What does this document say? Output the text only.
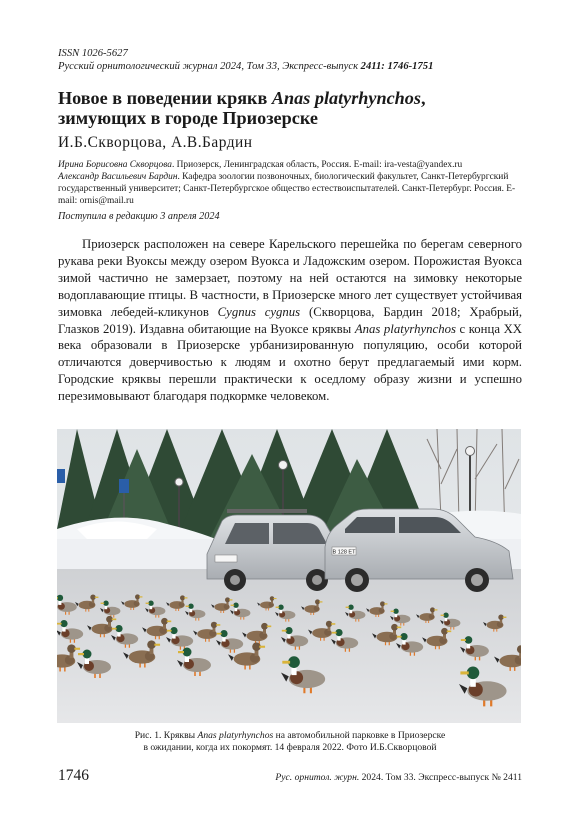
ISSN 1026-5627
Русский орнитологический журнал 2024, Том 33, Экспресс-выпуск 2411: 1746-1751
Новое в поведении крякв Anas platyrhynchos,
зимующих в городе Приозерске
И.Б.Скворцова, А.В.Бардин
Ирина Борисовна Скворцова. Приозерск, Ленинградская область, Россия. E-mail: ira-vesta@yandex.ru
Александр Васильевич Бардин. Кафедра зоологии позвоночных, биологический факультет, Санкт-Петербургский государственный университет; Санкт-Петербургское общество естествоиспытателей. Санкт-Петербург. Россия. E-mail: ornis@mail.ru
Поступила в редакцию 3 апреля 2024

Приозерск расположен на севере Карельского перешейка по берегам северного рукава реки Вуоксы между озером Вуокса и Ладожским озером. Порожистая Вуокса зимой частично не замерзает, поэтому на ней остаются на зимовку некоторые водоплавающие птицы. В частности, в Приозерске много лет существует устойчивая зимовка лебедей-кликунов Cygnus cygnus (Скворцова, Бардин 2018; Храбрый, Глазков 2019). Издавна обитающие на Вуоксе кряквы Anas platyrhynchos с конца XX века образовали в Приозерске урбанизированную популяцию, особи которой отличаются доверчивостью к людям и охотно берут предлагаемый ими корм. Городские кряквы перешли практически к оседлому образу жизни и успешно перезимовывают благодаря подкормке человеком.

В 128 ЕТ
Рис. 1. Кряквы Anas platyrhynchos на автомобильной парковке в Приозерске
в ожидании, когда их покормят. 14 февраля 2022. Фото И.Б.Скворцовой
1746	Рус. орнитол. журн. 2024. Том 33. Экспресс-выпуск № 2411
